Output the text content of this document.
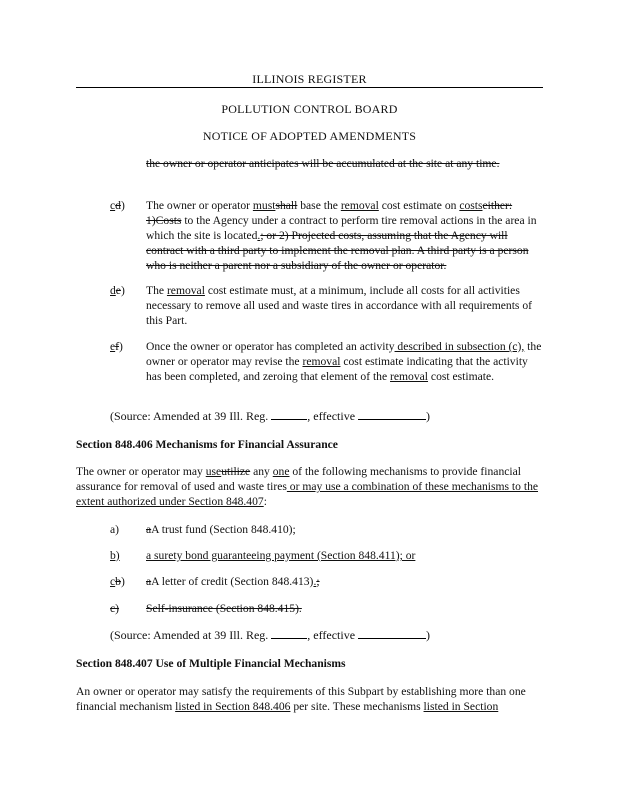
ILLINOIS REGISTER
POLLUTION CONTROL BOARD
NOTICE OF ADOPTED AMENDMENTS
the owner or operator anticipates will be accumulated at the site at any time.
cd) The owner or operator mustshall base the removal cost estimate on costseither: 1)Costs to the Agency under a contract to perform tire removal actions in the area in which the site is located.; or 2) Projected costs, assuming that the Agency will contract with a third party to implement the removal plan. A third party is a person who is neither a parent nor a subsidiary of the owner or operator.
de) The removal cost estimate must, at a minimum, include all costs for all activities necessary to remove all used and waste tires in accordance with all requirements of this Part.
ef) Once the owner or operator has completed an activity described in subsection (c), the owner or operator may revise the removal cost estimate indicating that the activity has been completed, and zeroing that element of the removal cost estimate.
(Source: Amended at 39 Ill. Reg.	, effective	)
Section 848.406 Mechanisms for Financial Assurance
The owner or operator may useutilize any one of the following mechanisms to provide financial assurance for removal of used and waste tires or may use a combination of these mechanisms to the extent authorized under Section 848.407:
a) aA trust fund (Section 848.410);
b) a surety bond guaranteeing payment (Section 848.411); or
cb) aA letter of credit (Section 848.413).;
c) Self-insurance (Section 848.415).
(Source: Amended at 39 Ill. Reg.	, effective	)
Section 848.407 Use of Multiple Financial Mechanisms
An owner or operator may satisfy the requirements of this Subpart by establishing more than one financial mechanism listed in Section 848.406 per site. These mechanisms listed in Section
